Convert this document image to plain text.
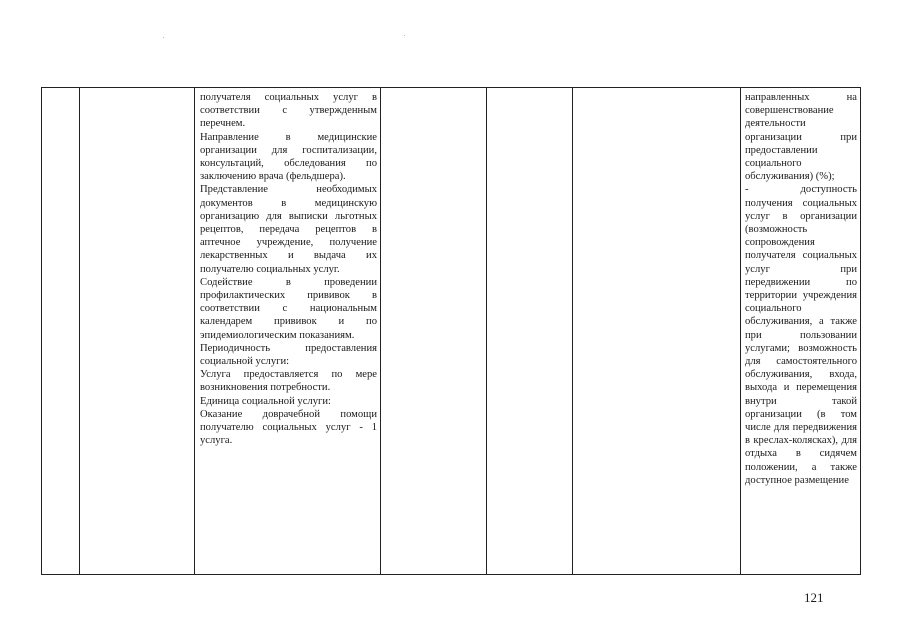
получателя социальных услуг в соответствии с утвержденным перечнем.

Направление в медицинские организации для госпитализации, консультаций, обследования по заключению врача (фельдшера).

Представление необходимых документов в медицинскую организацию для выписки льготных рецептов, передача рецептов в аптечное учреждение, получение лекарственных и выдача их получателю социальных услуг.

Содействие в проведении профилактических прививок в соответствии с национальным календарем прививок и по эпидемиологическим показаниям.

Периодичность предоставления социальной услуги:

Услуга предоставляется по мере возникновения потребности.

Единица социальной услуги:

Оказание доврачебной помощи получателю социальных услуг - 1 услуга.

направленных на совершенствование деятельности организации при предоставлении социального обслуживания) (%);

- доступность получения социальных услуг в организации (возможность сопровождения получателя социальных услуг при передвижении по территории учреждения социального обслуживания, а также при пользовании услугами; возможность для самостоятельного обслуживания, входа, выхода и перемещения внутри такой организации (в том числе для передвижения в креслах-колясках), для отдыха в сидячем положении, а также доступное размещение

121
